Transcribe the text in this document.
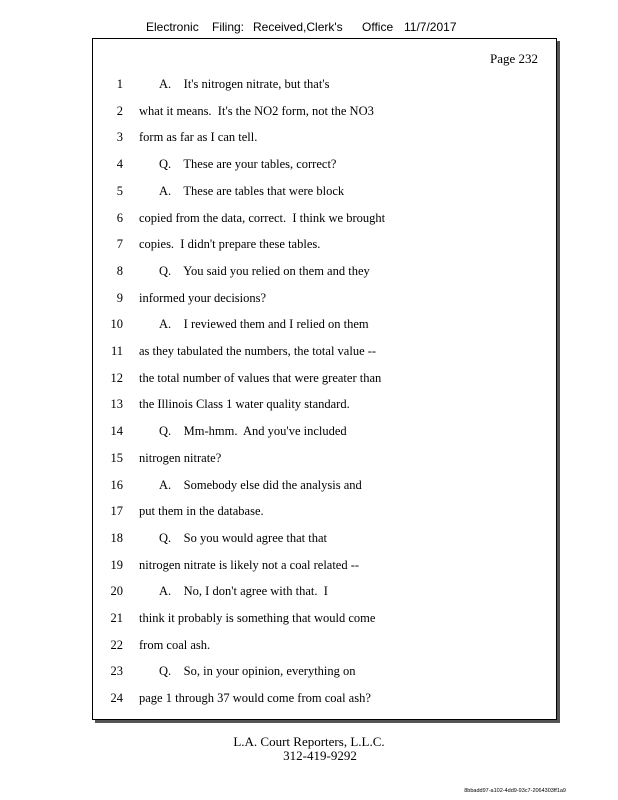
Electronic Filing: Received,Clerk's Office 11/7/2017
Page 232
1	A.    It's nitrogen nitrate, but that's
2 what it means.  It's the NO2 form, not the NO3
3 form as far as I can tell.
4	Q.    These are your tables, correct?
5	A.    These are tables that were block
6 copied from the data, correct.  I think we brought
7 copies.  I didn't prepare these tables.
8	Q.    You said you relied on them and they
9 informed your decisions?
10	A.    I reviewed them and I relied on them
11 as they tabulated the numbers, the total value --
12 the total number of values that were greater than
13 the Illinois Class 1 water quality standard.
14	Q.    Mm-hmm.  And you've included
15 nitrogen nitrate?
16	A.    Somebody else did the analysis and
17 put them in the database.
18	Q.    So you would agree that that
19 nitrogen nitrate is likely not a coal related --
20	A.    No, I don't agree with that.  I
21 think it probably is something that would come
22 from coal ash.
23	Q.    So, in your opinion, everything on
24 page 1 through 37 would come from coal ash?
L.A. Court Reporters, L.L.C.
312-419-9292
8bbadd97-a102-4dd9-93c7-2064303ff1a9
